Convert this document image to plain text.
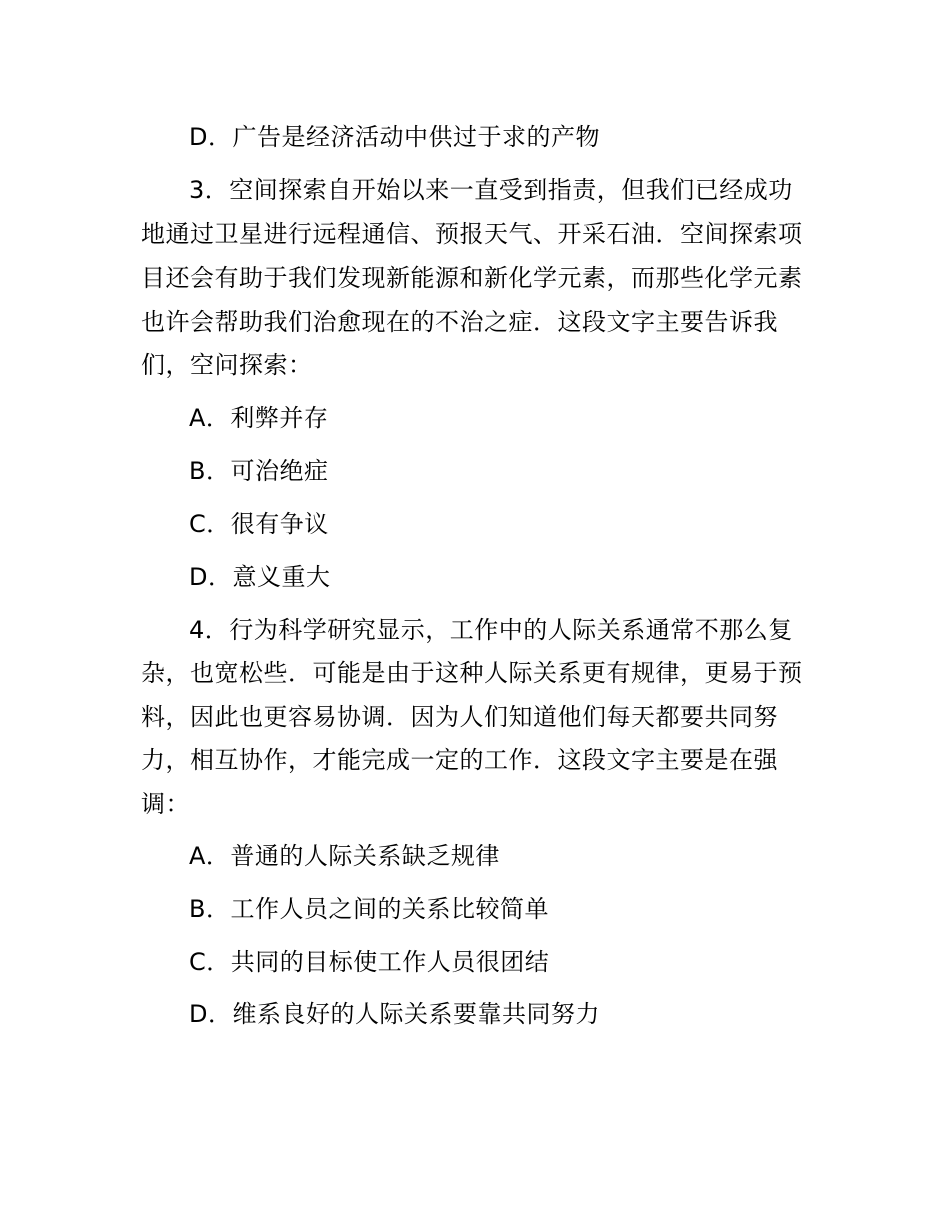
D．广告是经济活动中供过于求的产物
3．空间探索自开始以来一直受到指责，但我们已经成功
地通过卫星进行远程通信、预报天气、开采石油．空间探索项
目还会有助于我们发现新能源和新化学元素，而那些化学元素
也许会帮助我们治愈现在的不治之症．这段文字主要告诉我
们，空问探索：
A．利弊并存
B．可治绝症
C．很有争议
D．意义重大
4．行为科学研究显示，工作中的人际关系通常不那么复
杂，也宽松些．可能是由于这种人际关系更有规律，更易于预
料，因此也更容易协调．因为人们知道他们每天都要共同努
力，相互协作，才能完成一定的工作．这段文字主要是在强
调：
A．普通的人际关系缺乏规律
B．工作人员之间的关系比较简单
C．共同的目标使工作人员很团结
D．维系良好的人际关系要靠共同努力
